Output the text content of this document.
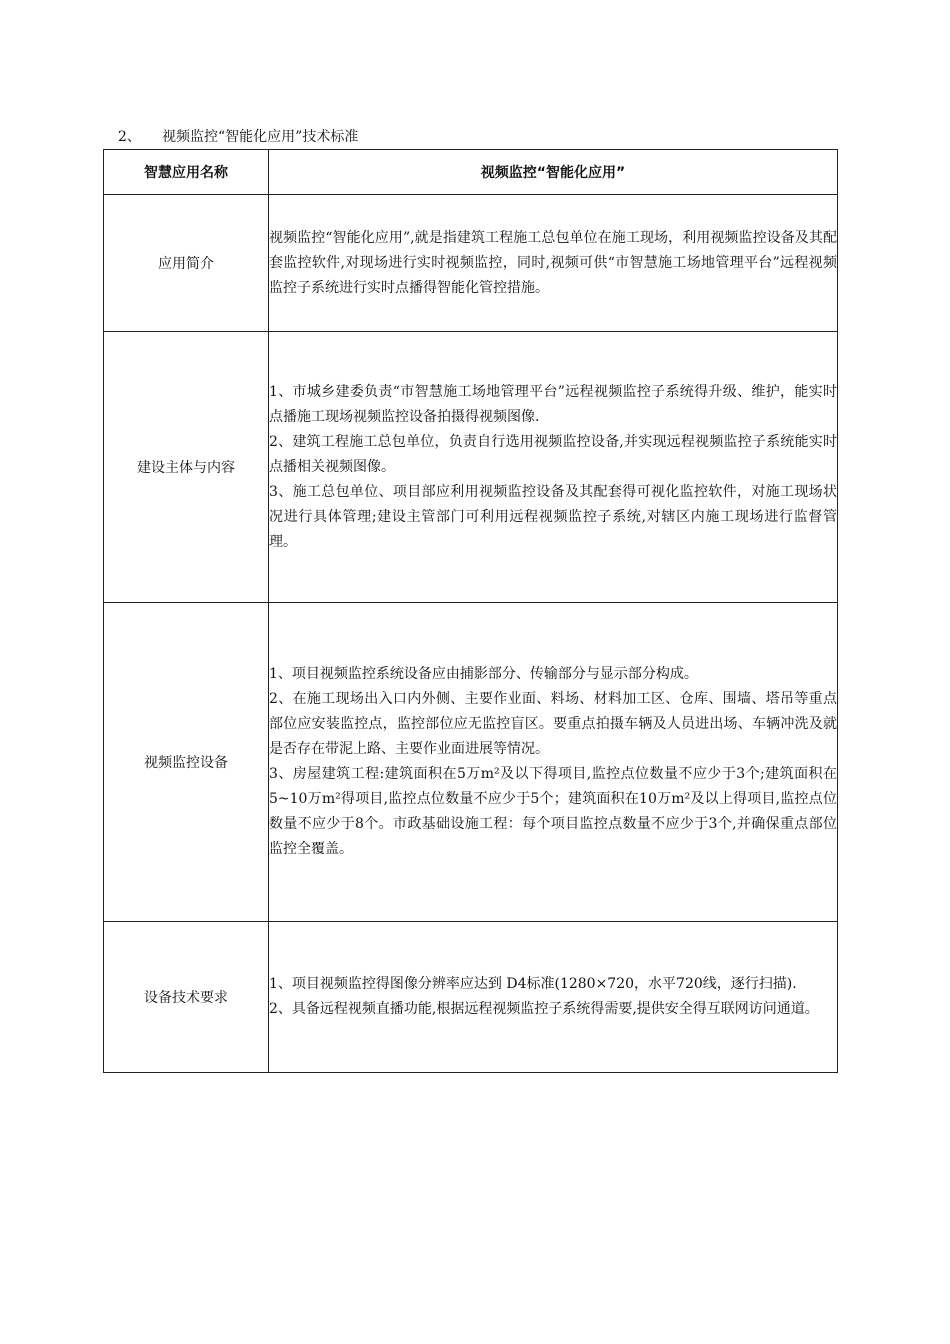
2、 视频监控“智能化应用”技术标准
智慧应用名称	视频监控“智能化应用”
应用简介	视频监控“智能化应用”,就是指建筑工程施工总包单位在施工现场，利用视频监控设备及其配套监控软件,对现场进行实时视频监控，同时,视频可供“市智慧施工场地管理平台”远程视频监控子系统进行实时点播得智能化管控措施。

建设主体与内容	1、市城乡建委负责“市智慧施工场地管理平台”远程视频监控子系统得升级、维护，能实时点播施工现场视频监控设备拍摄得视频图像.

2、建筑工程施工总包单位，负责自行选用视频监控设备,并实现远程视频监控子系统能实时点播相关视频图像。

3、施工总包单位、项目部应利用视频监控设备及其配套得可视化监控软件，对施工现场状况进行具体管理;建设主管部门可利用远程视频监控子系统,对辖区内施工现场进行监督管理。

视频监控设备	1、项目视频监控系统设备应由捕影部分、传输部分与显示部分构成。

2、在施工现场出入口内外侧、主要作业面、料场、材料加工区、仓库、围墙、塔吊等重点部位应安装监控点，监控部位应无监控盲区。要重点拍摄车辆及人员进出场、车辆冲洗及就是否存在带泥上路、主要作业面进展等情况。

3、房屋建筑工程:建筑面积在5万m²及以下得项目,监控点位数量不应少于3个;建筑面积在5~10万m²得项目,监控点位数量不应少于5个；建筑面积在10万m²及以上得项目,监控点位数量不应少于8个。市政基础设施工程：每个项目监控点数量不应少于3个,并确保重点部位监控全覆盖。

设备技术要求	1、项目视频监控得图像分辨率应达到 D4标准(1280×720，水平720线，逐行扫描).

2、具备远程视频直播功能,根据远程视频监控子系统得需要,提供安全得互联网访问通道。
